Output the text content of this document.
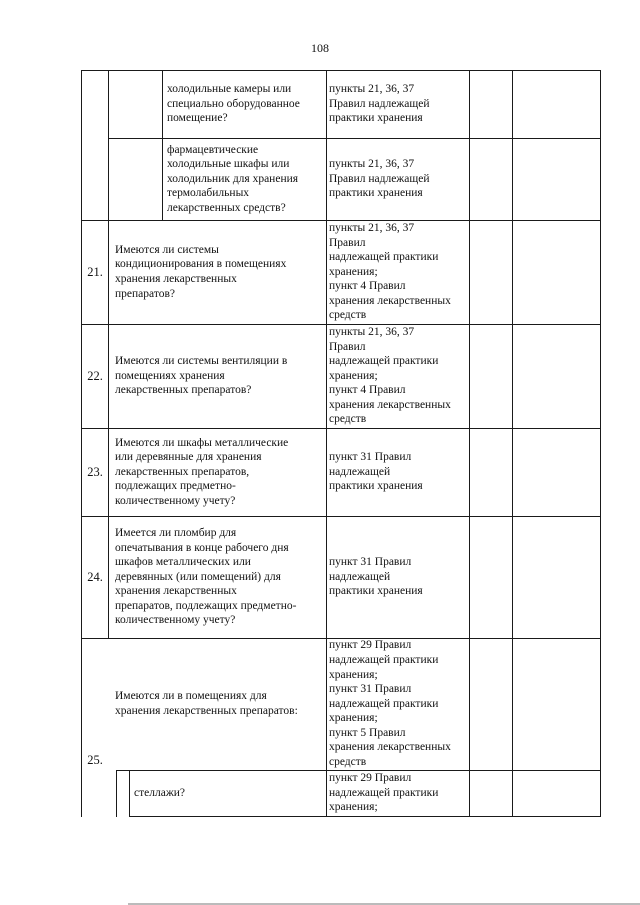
108
холодильные камеры или
специально оборудованное
помещение?
пункты 21, 36, 37
Правил надлежащей
практики хранения
фармацевтические
холодильные шкафы или
холодильник для хранения
термолабильных
лекарственных средств?
пункты 21, 36, 37
Правил надлежащей
практики хранения
21.
Имеются ли системы
кондиционирования в помещениях
хранения лекарственных
препаратов?
пункты 21, 36, 37
Правил
надлежащей практики
хранения;
пункт 4 Правил
хранения лекарственных
средств
22.
Имеются ли системы вентиляции в
помещениях хранения
лекарственных препаратов?
пункты 21, 36, 37
Правил
надлежащей практики
хранения;
пункт 4 Правил
хранения лекарственных
средств
23.
Имеются ли шкафы металлические
или деревянные для хранения
лекарственных препаратов,
подлежащих предметно-
количественному учету?
пункт 31 Правил
надлежащей
практики хранения
24.
Имеется ли пломбир для
опечатывания в конце рабочего дня
шкафов металлических или
деревянных (или помещений) для
хранения лекарственных
препаратов, подлежащих предметно-
количественному учету?
пункт 31 Правил
надлежащей
практики хранения
25.
Имеются ли в помещениях для
хранения лекарственных препаратов:
пункт 29 Правил
надлежащей практики
хранения;
пункт 31 Правил
надлежащей практики
хранения;
пункт 5 Правил
хранения лекарственных
средств
стеллажи?
пункт 29 Правил
надлежащей практики
хранения;
